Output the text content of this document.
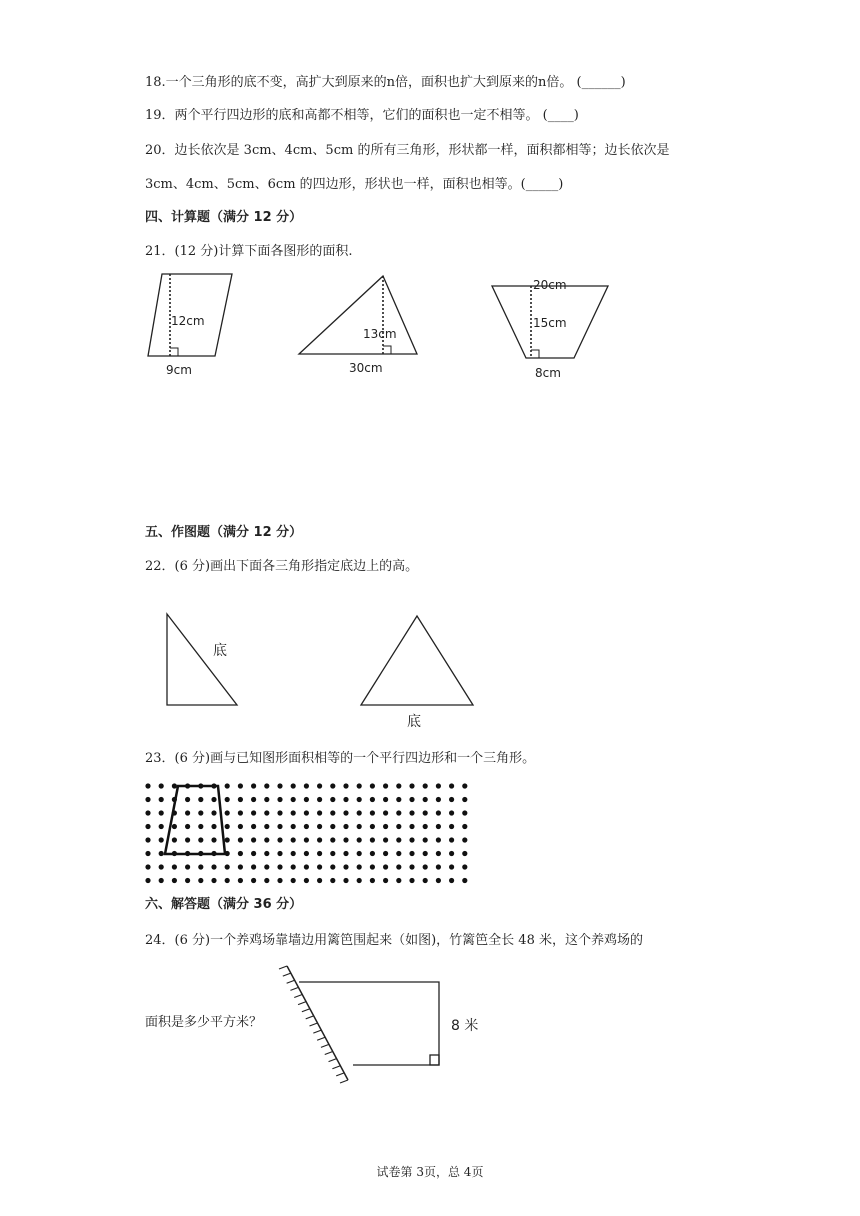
18.一个三角形的底不变，高扩大到原来的n倍，面积也扩大到原来的n倍。 (______)
19．两个平行四边形的底和高都不相等，它们的面积也一定不相等。 (____)
20．边长依次是 3cm、4cm、5cm 的所有三角形，形状都一样，面积都相等；边长依次是
3cm、4cm、5cm、6cm 的四边形，形状也一样，面积也相等。(_____)
四、计算题（满分 12 分）
21．(12 分)计算下面各图形的面积.
12cm
9cm
13cm
30cm
20cm
15cm
8cm
五、作图题（满分 12 分）
22．(6 分)画出下面各三角形指定底边上的高。
底
底
23．(6 分)画与已知图形面积相等的一个平行四边形和一个三角形。
六、解答题（满分 36 分）
24．(6 分)一个养鸡场靠墙边用篱笆围起来（如图)，竹篱笆全长 48 米，这个养鸡场的
面积是多少平方米？	8 米
试卷第 3页，总 4页
